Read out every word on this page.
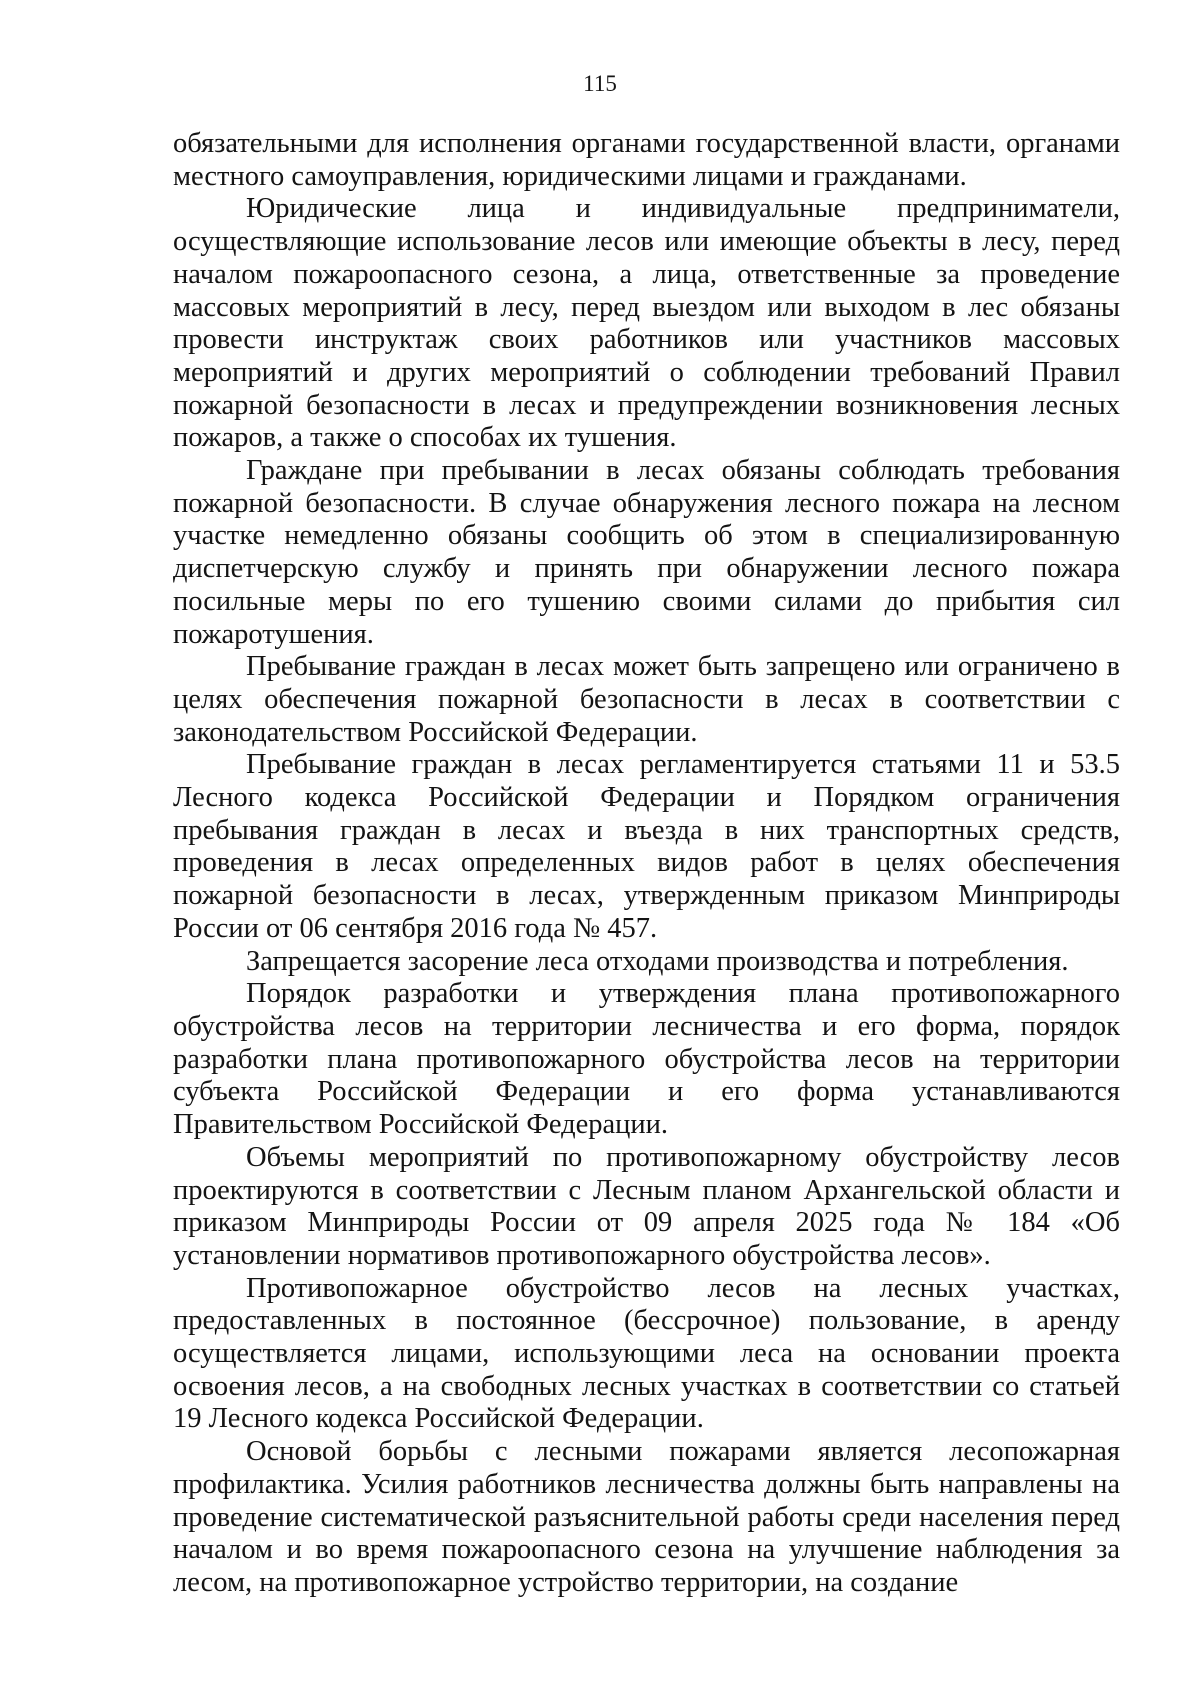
115

обязательными для исполнения органами государственной власти, органами местного самоуправления, юридическими лицами и гражданами.

Юридические лица и индивидуальные предприниматели, осуществляющие использование лесов или имеющие объекты в лесу, перед началом пожароопасного сезона, а лица, ответственные за проведение массовых мероприятий в лесу, перед выездом или выходом в лес обязаны провести инструктаж своих работников или участников массовых мероприятий и других мероприятий о соблюдении требований Правил пожарной безопасности в лесах и предупреждении возникновения лесных пожаров, а также о способах их тушения.

Граждане при пребывании в лесах обязаны соблюдать требования пожарной безопасности. В случае обнаружения лесного пожара на лесном участке немедленно обязаны сообщить об этом в специализированную диспетчерскую службу и принять при обнаружении лесного пожара посильные меры по его тушению своими силами до прибытия сил пожаротушения.

Пребывание граждан в лесах может быть запрещено или ограничено в целях обеспечения пожарной безопасности в лесах в соответствии с законодательством Российской Федерации.

Пребывание граждан в лесах регламентируется статьями 11 и 53.5 Лесного кодекса Российской Федерации и Порядком ограничения пребывания граждан в лесах и въезда в них транспортных средств, проведения в лесах определенных видов работ в целях обеспечения пожарной безопасности в лесах, утвержденным приказом Минприроды России от 06 сентября 2016 года № 457.

Запрещается засорение леса отходами производства и потребления.

Порядок разработки и утверждения плана противопожарного обустройства лесов на территории лесничества и его форма, порядок разработки плана противопожарного обустройства лесов на территории субъекта Российской Федерации и его форма устанавливаются Правительством Российской Федерации.

Объемы мероприятий по противопожарному обустройству лесов проектируются в соответствии с Лесным планом Архангельской области и приказом Минприроды России от 09 апреля 2025 года № 184 «Об установлении нормативов противопожарного обустройства лесов».

Противопожарное обустройство лесов на лесных участках, предоставленных в постоянное (бессрочное) пользование, в аренду осуществляется лицами, использующими леса на основании проекта освоения лесов, а на свободных лесных участках в соответствии со статьей 19 Лесного кодекса Российской Федерации.

Основой борьбы с лесными пожарами является лесопожарная профилактика. Усилия работников лесничества должны быть направлены на проведение систематической разъяснительной работы среди населения перед началом и во время пожароопасного сезона на улучшение наблюдения за лесом, на противопожарное устройство территории, на создание
